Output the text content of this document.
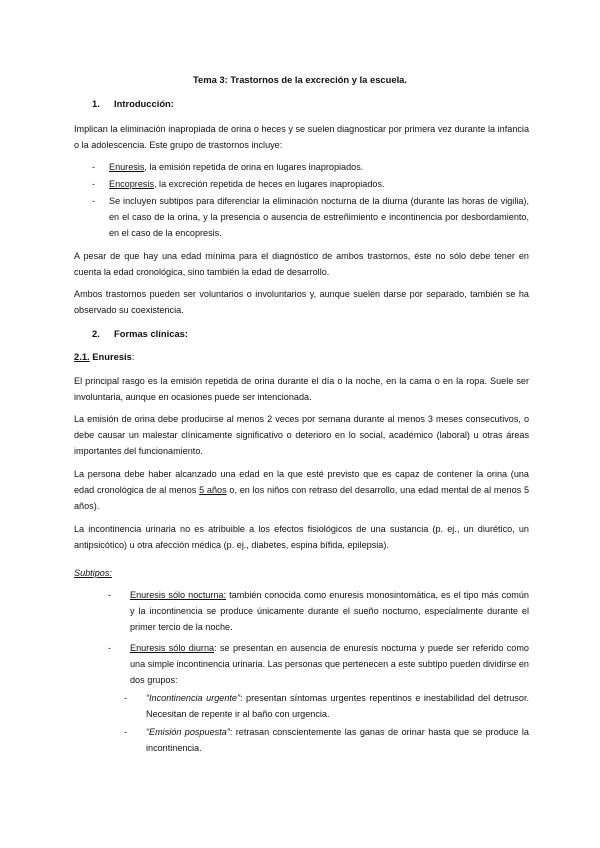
Tema 3: Trastornos de la excreción y la escuela.
1. Introducción:

Implican la eliminación inapropiada de orina o heces y se suelen diagnosticar por primera vez durante la infancia o la adolescencia. Este grupo de trastornos incluye:

- Enuresis, la emisión repetida de orina en lugares inapropiados.
- Encopresis, la excreción repetida de heces en lugares inapropiados.
- Se incluyen subtipos para diferenciar la eliminación nocturna de la diurna (durante las horas de vigilia), en el caso de la orina, y la presencia o ausencia de estreñimiento e incontinencia por desbordamiento, en el caso de la encopresis.

A pesar de que hay una edad mínima para el diagnóstico de ambos trastornos, éste no sólo debe tener en cuenta la edad cronológica, sino también la edad de desarrollo.

Ambos trastornos pueden ser voluntarios o involuntarios y, aunque suelen darse por separado, también se ha observado su coexistencia.

2. Formas clínicas:
2.1. Enuresis:

El principal rasgo es la emisión repetida de orina durante el día o la noche, en la cama o en la ropa. Suele ser involuntaria, aunque en ocasiones puede ser intencionada.

La emisión de orina debe producirse al menos 2 veces por semana durante al menos 3 meses consecutivos, o debe causar un malestar clínicamente significativo o deterioro en lo social, académico (laboral) u otras áreas importantes del funcionamiento.

La persona debe haber alcanzado una edad en la que esté previsto que es capaz de contener la orina (una edad cronológica de al menos 5 años o, en los niños con retraso del desarrollo, una edad mental de al menos 5 años).

La incontinencia urinaria no es atribuible a los efectos fisiológicos de una sustancia (p. ej., un diurético, un antipsicótico) u otra afección médica (p. ej., diabetes, espina bífida, epilepsia).

Subtipos:
- Enuresis sólo nocturna: también conocida como enuresis monosintomática, es el tipo más común y la incontinencia se produce únicamente durante el sueño nocturno, especialmente durante el primer tercio de la noche.
- Enuresis sólo diurna: se presentan en ausencia de enuresis nocturna y puede ser referido como una simple incontinencia urinaria. Las personas que pertenecen a este subtipo pueden dividirse en dos grupos:
- “Incontinencia urgente”: presentan síntomas urgentes repentinos e inestabilidad del detrusor. Necesitan de repente ir al baño con urgencia.
- “Emisión pospuesta”: retrasan conscientemente las ganas de orinar hasta que se produce la incontinencia.
